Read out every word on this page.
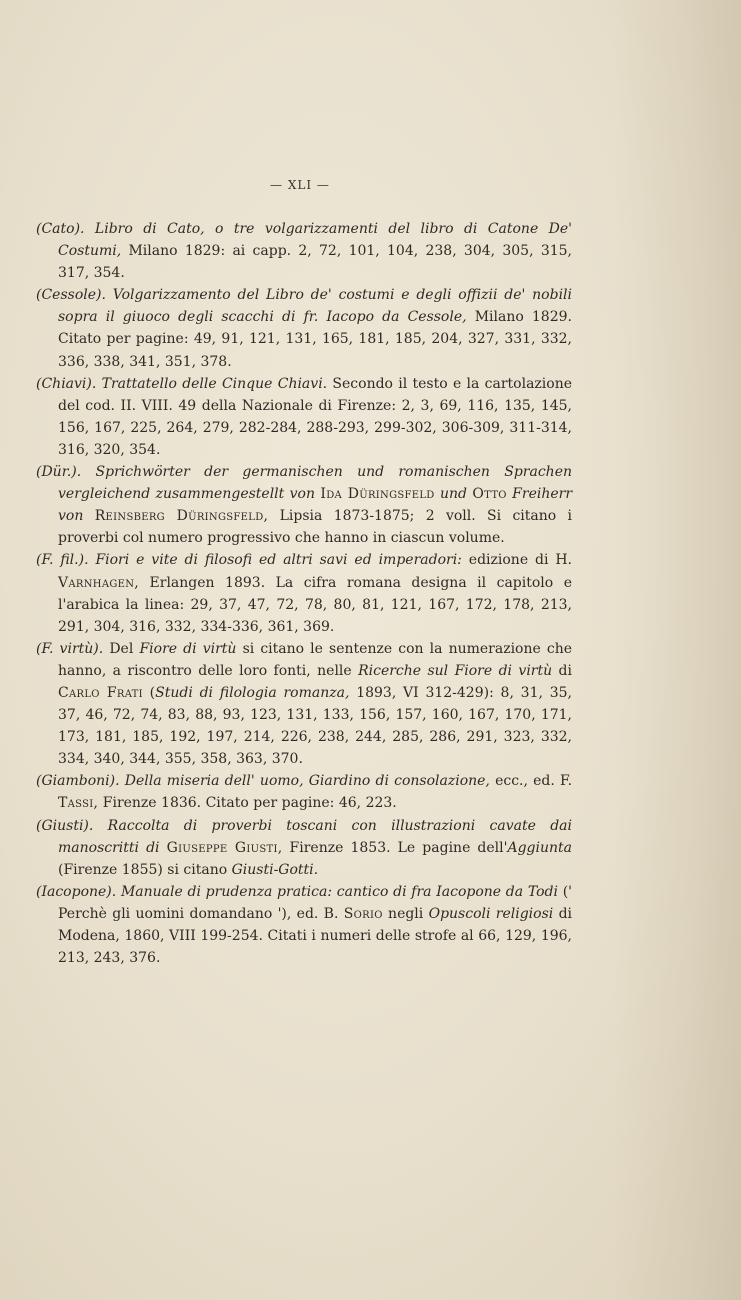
— XLI —

(Cato). Libro di Cato, o tre volgarizzamenti del libro di Catone De' Costumi, Milano 1829: ai capp. 2, 72, 101, 104, 238, 304, 305, 315, 317, 354.

(Cessole). Volgarizzamento del Libro de' costumi e degli offizii de' nobili sopra il giuoco degli scacchi di fr. Iacopo da Cessole, Milano 1829. Citato per pagine: 49, 91, 121, 131, 165, 181, 185, 204, 327, 331, 332, 336, 338, 341, 351, 378.

(Chiavi). Trattatello delle Cinque Chiavi. Secondo il testo e la cartolazione del cod. II. VIII. 49 della Nazionale di Firenze: 2, 3, 69, 116, 135, 145, 156, 167, 225, 264, 279, 282-284, 288-293, 299-302, 306-309, 311-314, 316, 320, 354.

(Dür.). Sprichwörter der germanischen und romanischen Sprachen vergleichend zusammengestellt von Ida Düringsfeld und Otto Freiherr von Reinsberg Düringsfeld, Lipsia 1873-1875; 2 voll. Si citano i proverbi col numero progressivo che hanno in ciascun volume.

(F. fil.). Fiori e vite di filosofi ed altri savi ed imperadori: edizione di H. Varnhagen, Erlangen 1893. La cifra romana designa il capitolo e l'arabica la linea: 29, 37, 47, 72, 78, 80, 81, 121, 167, 172, 178, 213, 291, 304, 316, 332, 334-336, 361, 369.

(F. virtù). Del Fiore di virtù si citano le sentenze con la numerazione che hanno, a riscontro delle loro fonti, nelle Ricerche sul Fiore di virtù di Carlo Frati (Studi di filologia romanza, 1893, VI 312-429): 8, 31, 35, 37, 46, 72, 74, 83, 88, 93, 123, 131, 133, 156, 157, 160, 167, 170, 171, 173, 181, 185, 192, 197, 214, 226, 238, 244, 285, 286, 291, 323, 332, 334, 340, 344, 355, 358, 363, 370.

(Giamboni). Della miseria dell' uomo, Giardino di consolazione, ecc., ed. F. Tassi, Firenze 1836. Citato per pagine: 46, 223.

(Giusti). Raccolta di proverbi toscani con illustrazioni cavate dai manoscritti di Giuseppe Giusti, Firenze 1853. Le pagine dell'Aggiunta (Firenze 1855) si citano Giusti-Gotti.

(Iacopone). Manuale di prudenza pratica: cantico di fra Iacopone da Todi (' Perchè gli uomini domandano '), ed. B. Sorio negli Opuscoli religiosi di Modena, 1860, VIII 199-254. Citati i numeri delle strofe al 66, 129, 196, 213, 243, 376.
